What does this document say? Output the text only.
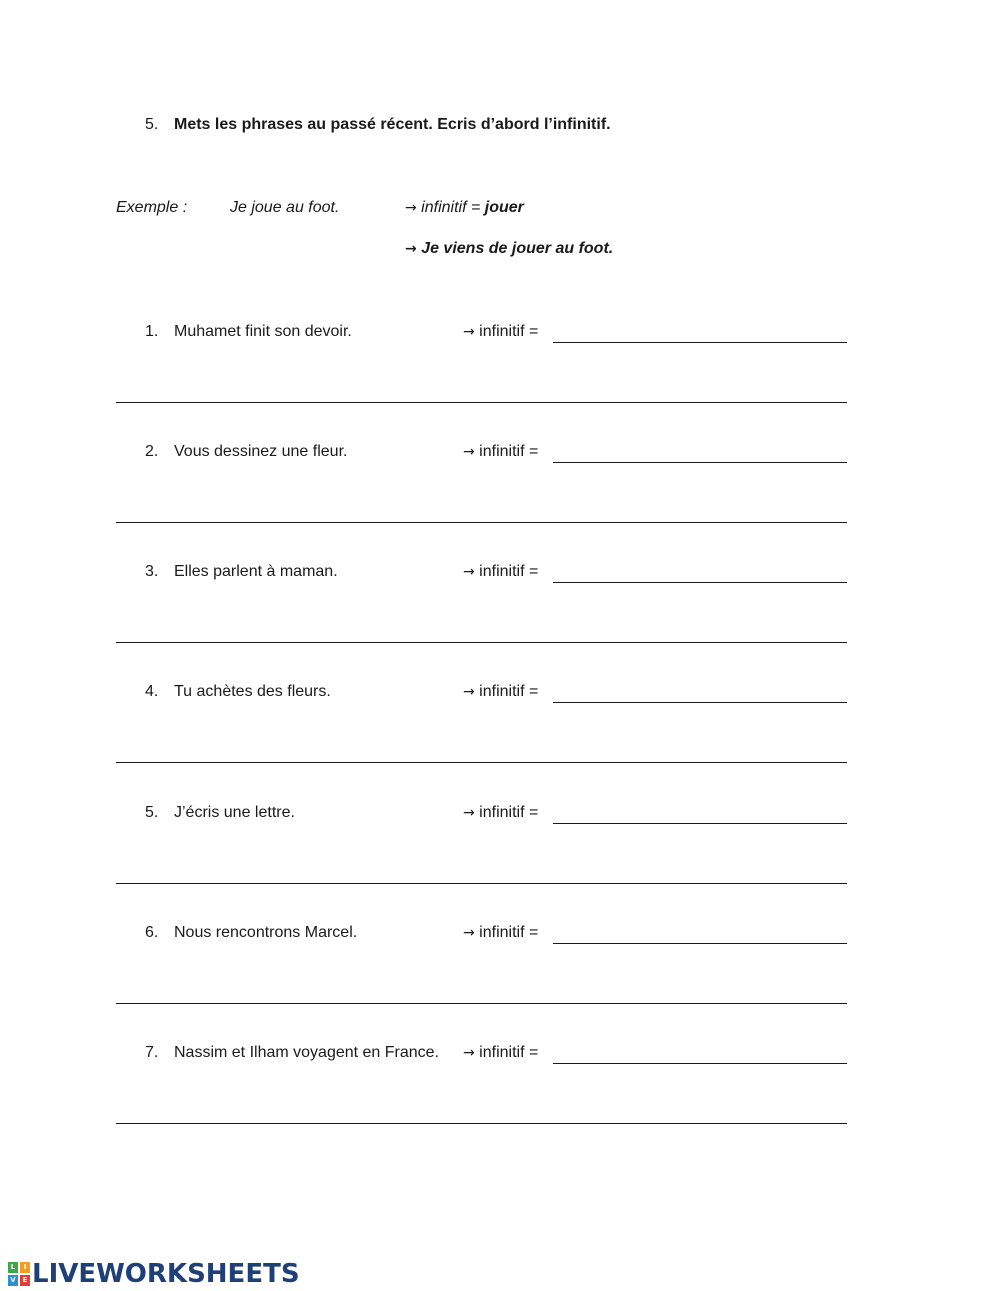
5. Mets les phrases au passé récent. Ecris d’abord l’infinitif.
Exemple :	Je joue au foot.	→ infinitif = jouer
→ Je viens de jouer au foot.
1. Muhamet finit son devoir.	→ infinitif =
2. Vous dessinez une fleur.	→ infinitif =
3. Elles parlent à maman.	→ infinitif =
4. Tu achètes des fleurs.	→ infinitif =
5. J’écris une lettre.	→ infinitif =
6. Nous rencontrons Marcel.	→ infinitif =
7. Nassim et Ilham voyagent en France. → infinitif =
L	I
V E LIVEWORKSHEETS
